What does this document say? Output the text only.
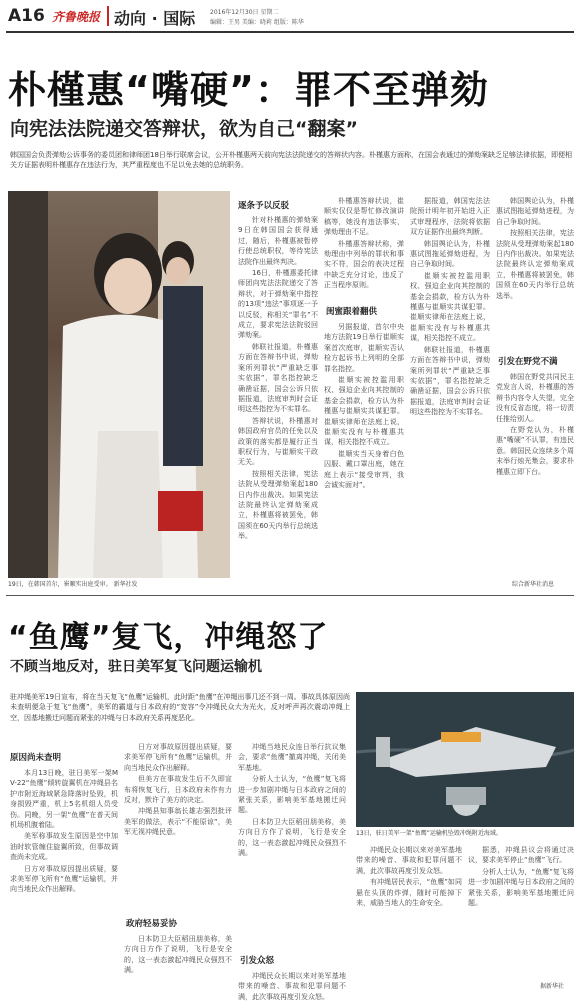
A16 齐鲁晚报 动向 · 国际 2016年12月30日 星期二
编辑：王男 美编：晓莉 组版：陈华
朴槿惠“嘴硬”：罪不至弹劾
向宪法法院递交答辩状，欲为自己“翻案”
韩国国会负责弹劾公诉事务的委员团和律师团18日举行联席会议，公开朴槿惠两天前向宪法法院递交的答辩状内容。朴槿惠方面称，在国会表通过的弹劾案缺乏足够法律依据，即便相关方证据表明朴槿惠存在违法行为，其严重程度也不足以免去她的总统职务。
19日，在韩国首尔，崔顺实出庭受审。 新华社发
逐条予以反驳

针对朴槿惠的弹劾案9日在韩国国会获得通过，随后，朴槿惠被暂停行使总统职权，等待宪法法院作出最终判决。

16日，朴槿惠委托律师团向宪法法院递交了答辩状，对于弹劾案中指控的13项“违法”事项逐一予以反驳，称相关“罪名”不成立，要求宪法法院驳回弹劾案。

韩联社报道，朴槿惠方面在答辩书中说，弹劾案所列罪状“严重缺乏事实依据”，罪名指控缺乏确凿证据，国会公诉只依据报道，法庭审判时会证明这些指控为不实罪名。

答辩状说，朴槿惠对韩国政府官员的任免以及政策的落实都是履行正当职权行为，与崔顺实干政无关。

按照相关法律，宪法法院从受理弹劾案起180日内作出裁决。如果宪法法院最终认定弹劾案成立，朴槿惠将被罢免，韩国须在60天内举行总统选举。

朴槿惠答辩状说，崔顺实仅仅是帮忙修改演讲稿等，她没有违法事实，弹劾理由不足。

朴槿惠答辩状称，弹劾理由中列举的罪状和事实不符，国会的表决过程中缺乏充分讨论，违反了正当程序原则。

闺蜜跟着翻供

另据报道，首尔中央地方法院19日举行崔顺实案首次庭审，崔顺实否认检方起诉书上列明的全部罪名指控。

崔顺实被控滥用职权、强迫企业向其控制的基金会捐款，检方认为朴槿惠与崔顺实共谋犯罪。崔顺实律师在法庭上说，崔顺实没有与朴槿惠共谋，相关指控不成立。

崔顺实当天身着白色囚服、戴口罩出庭，她在庭上表示“接受审判，我会诚实面对”。

据报道，韩国宪法法院预计明年初开始进入正式审理程序，法院将依据双方证据作出最终判断。

韩国舆论认为，朴槿惠试图拖延弹劾进程，为自己争取时间。

崔顺实被控滥用职权、强迫企业向其控制的基金会捐款，检方认为朴槿惠与崔顺实共谋犯罪。崔顺实律师在法庭上说，崔顺实没有与朴槿惠共谋，相关指控不成立。

韩联社报道，朴槿惠方面在答辩书中说，弹劾案所列罪状“严重缺乏事实依据”，罪名指控缺乏确凿证据，国会公诉只依据报道，法庭审判时会证明这些指控为不实罪名。

韩国舆论认为，朴槿惠试图拖延弹劾进程，为自己争取时间。

按照相关法律，宪法法院从受理弹劾案起180日内作出裁决。如果宪法法院最终认定弹劾案成立，朴槿惠将被罢免，韩国须在60天内举行总统选举。

引发在野党不满

韩国在野党共同民主党发言人说，朴槿惠的答辩书内容令人失望，完全没有反省态度，将一切责任推给别人。

在野党认为，朴槿惠“嘴硬”不认罪，有违民意。韩国民众连续多个周末举行烛光集会，要求朴槿惠立即下台。

综合新华社消息
“鱼鹰”复飞，冲绳怒了
不顾当地反对，驻日美军复飞问题运输机
驻冲绳美军19日宣布，将在当天复飞“鱼鹰”运输机，此时距“鱼鹰”在冲绳出事几还不到一周。事故具体原因尚未查明便急于复飞“鱼鹰”，美军的霸道与日本政府的“宽容”令冲绳民众大为光火，反对呼声再次震动冲绳上空，因基地搬迁问题而紧张的冲绳与日本政府关系再度恶化。
13日，驻日美军一架“鱼鹰”运输机坠毁冲绳附近海域。
原因尚未查明

本月13日晚，驻日美军一架MV-22“鱼鹰”倾转旋翼机在冲绳县名护市附近海域紧急降落时坠毁，机身损毁严重，机上5名机组人员受伤。同晚，另一架“鱼鹰”在普天间机场机腹着陆。

美军称事故发生原因是空中加油时软管缠住旋翼所致，但事故调查尚未完成。

日方对事故原因提出质疑，要求美军停飞所有“鱼鹰”运输机，并向当地民众作出解释。

日方对事故原因提出质疑，要求美军停飞所有“鱼鹰”运输机，并向当地民众作出解释。

但美方在事故发生后不久即宣布将恢复飞行，日本政府未作有力反对，默许了美方的决定。

冲绳县知事翁长雄志强烈批评美军的做法，表示“不能原谅”，美军无视冲绳民意。

政府轻易妥协

日本防卫大臣稻田朋美称，美方向日方作了说明，飞行是安全的，这一表态激起冲绳民众强烈不满。

冲绳当地民众连日举行抗议集会，要求“鱼鹰”撤离冲绳，关闭美军基地。

分析人士认为，“鱼鹰”复飞将进一步加剧冲绳与日本政府之间的紧张关系，影响美军基地搬迁问题。

日本防卫大臣稻田朋美称，美方向日方作了说明，飞行是安全的，这一表态激起冲绳民众强烈不满。

引发众怒

冲绳民众长期以来对美军基地带来的噪音、事故和犯罪问题不满，此次事故再度引发众怒。

冲绳民众长期以来对美军基地带来的噪音、事故和犯罪问题不满，此次事故再度引发众怒。

有冲绳居民表示，“鱼鹰”如同悬在头顶的炸弹，随时可能掉下来，威胁当地人的生命安全。

据悉，冲绳县议会将通过决议，要求美军停止“鱼鹰”飞行。

分析人士认为，“鱼鹰”复飞将进一步加剧冲绳与日本政府之间的紧张关系，影响美军基地搬迁问题。

据新华社
